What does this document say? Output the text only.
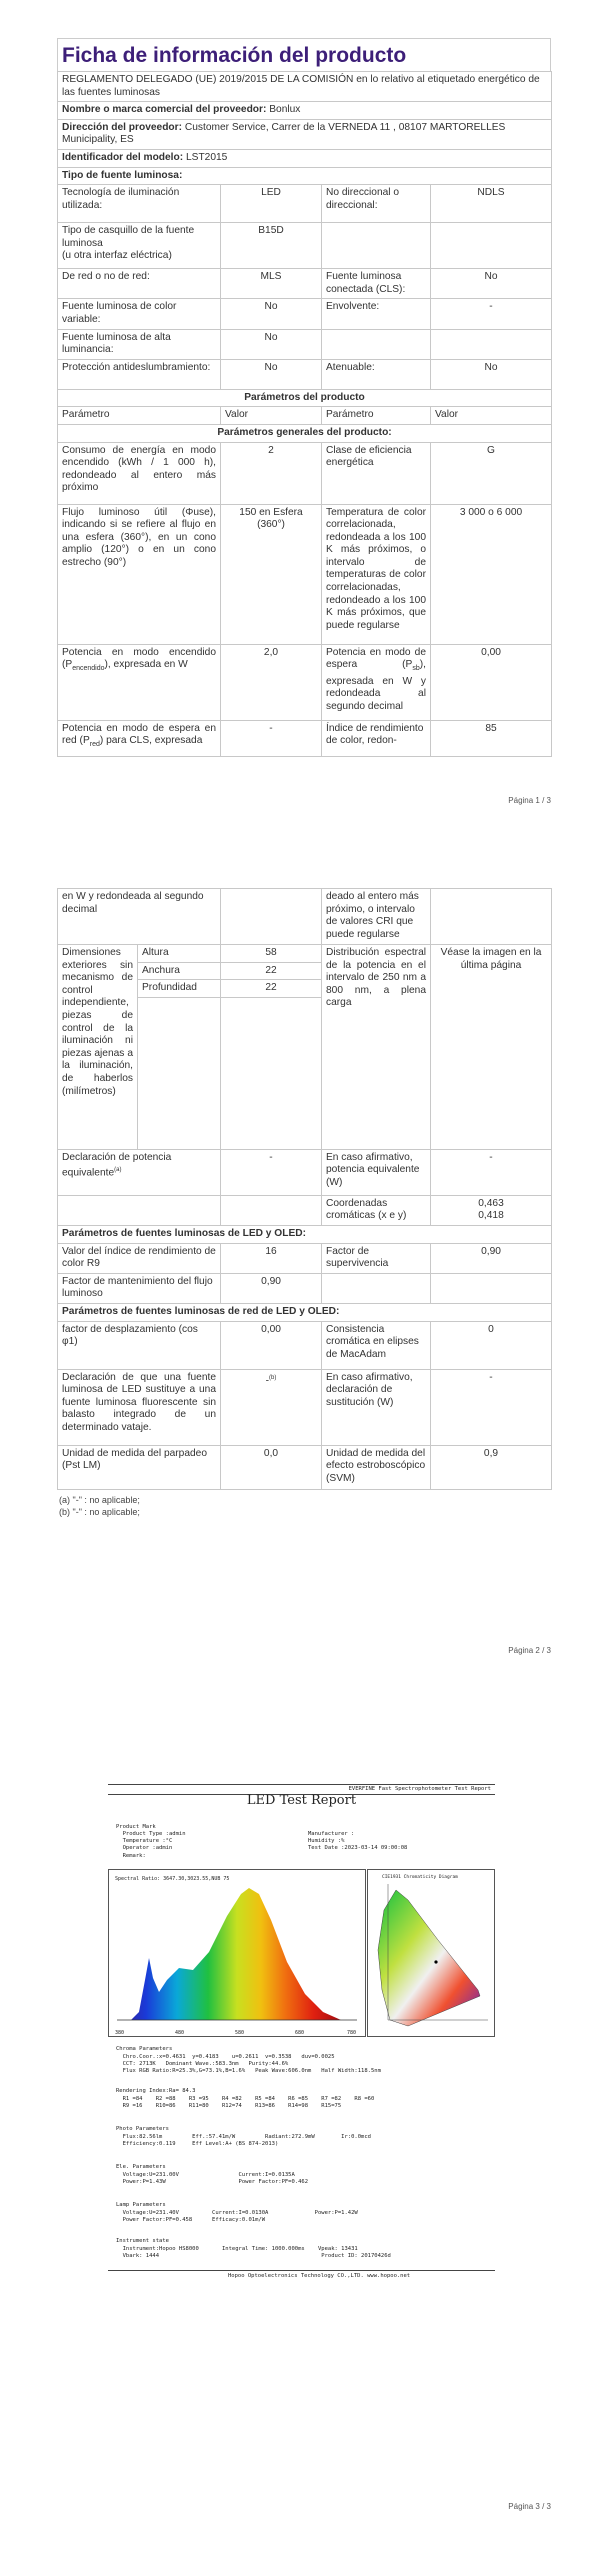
Ficha de información del producto
REGLAMENTO DELEGADO (UE) 2019/2015 DE LA COMISIÓN en lo relativo al etiquetado energético de las fuentes luminosas			
Nombre o marca comercial del proveedor: Bonlux			
Dirección del proveedor: Customer Service, Carrer de la VERNEDA 11 , 08107 MARTORELLES Municipality, ES			
Identificador del modelo: LST2015			
Tipo de fuente luminosa:			
Tecnología de iluminación utilizada:	LED	No direccional o direccional:	NDLS
Tipo de casquillo de la fuente luminosa
(u otra interfaz eléctrica)	B15D		
De red o no de red:	MLS	Fuente luminosa conectada (CLS):	No
Fuente luminosa de color variable:	No	Envolvente:	-
Fuente luminosa de alta luminancia:	No		
Protección antideslumbramiento:	No	Atenuable:	No
Parámetros del producto			
Parámetro	Valor	Parámetro	Valor
Parámetros generales del producto:			
Consumo de energía en modo encendido (kWh / 1 000 h), redondeado al entero más próximo	2	Clase de eficiencia energética	G
Flujo luminoso útil (Φuse), indicando si se refiere al flujo en una esfera (360°), en un cono amplio (120°) o en un cono estrecho (90°)	150 en Esfera (360°)	Temperatura de color correlacionada, redondeada a los 100 K más próximos, o intervalo de temperaturas de color correlacionadas, redondeado a los 100 K más próximos, que puede regularse	3 000 o 6 000
Potencia en modo encendido $(P_{encendido})$, expresada en W	2,0	Potencia en modo de espera $(P_{sb})$, expresada en W y redondeada al segundo decimal	0,00
Potencia en modo de espera en red $(P_{red})$ para CLS, expresada	-	Índice de rendimiento de color, redon-	85
Página 1 / 3
en W y redondeada al segundo decimal			deado al entero más próximo, o intervalo de valores CRI que puede regularse	
Dimensiones exteriores sin mecanismo de control independiente, piezas de control de la iluminación ni piezas ajenas a la iluminación, de haberlos (milímetros)	Altura	58	Distribución espectral de la potencia en el intervalo de 250 nm a 800 nm, a plena carga	Véase la imagen en la última página
	Anchura	22		
	Profundidad	22		

Declaración de potencia equivalente$^{(a)}$		-	En caso afirmativo, potencia equivalente (W)	-
			Coordenadas cromáticas (x e y)	0,463
0,418

Parámetros de fuentes luminosas de LED y OLED:				
Valor del índice de rendimiento de color R9		16	Factor de supervivencia	0,90
Factor de mantenimiento del flujo luminoso		0,90		
Parámetros de fuentes luminosas de red de LED y OLED:				
factor de desplazamiento (cos φ1)		0,00	Consistencia cromática en elipses de MacAdam	0
Declaración de que una fuente luminosa de LED sustituye a una fuente luminosa fluorescente sin balasto integrado de un determinado vataje.		-$^{(b)}$	En caso afirmativo, declaración de sustitución (W)	-
Unidad de medida del parpadeo (Pst LM)		0,0	Unidad de medida del efecto estroboscópico (SVM)	0,9
(a) "-" : no aplicable;
(b) "-" : no aplicable;
Página 2 / 3
Página 3 / 3
EVERFINE Fast Spectrophotometer Test Report
LED Test Report
Product Mark
Product Type :admin
Temperature :°C
Operator :admin
Remark:
Manufacturer :
Humidity :%
Test Date :2023-03-14 09:00:08
Spectral Ratio: 3647.30,3023.55,NUB 75
380	480	580	680	780
CIE1931 Chromaticity Diagram
Chroma Parameters
Chro.Coor.:x=0.4631  y=0.4183    u=0.2611  v=0.3538   duv=0.0025
CCT: 2713K   Dominant Wave.:583.3nm   Purity:44.6%
Flux RGB Ratio:R=25.3%,G=73.1%,B=1.6%   Peak Wave:606.0nm   Half Width:118.5nm
Rendering Index:Ra= 84.3
R1 =84    R2 =88    R3 =95    R4 =82    R5 =84    R6 =85    R7 =82    R8 =60
R9 =16    R10=86    R11=80    R12=74    R13=86    R14=98    R15=75
Photo Parameters
Flux:82.56lm         Eff.:57.41m/W         Radiant:272.9mW        Ir:0.0mcd
Efficiency:0.119     Eff Level:A+ (BS 874-2013)
Ele. Parameters
Voltage:U=231.00V                  Current:I=0.0135A
Power:P=1.43W                      Power Factor:PF=0.462
Lamp Parameters
Voltage:U=231.40V          Current:I=0.0130A              Power:P=1.42W
Power Factor:PF=0.458      Efficacy:0.01m/W
Instrument state
Instrument:Hopoo HS8000       Integral Time: 1000.000ms    Vpeak: 13431
Vbark: 1444                                                 Product ID: 20170426d
Hopoo Optoelectronics Technology CO.,LTD. www.hopoo.net
